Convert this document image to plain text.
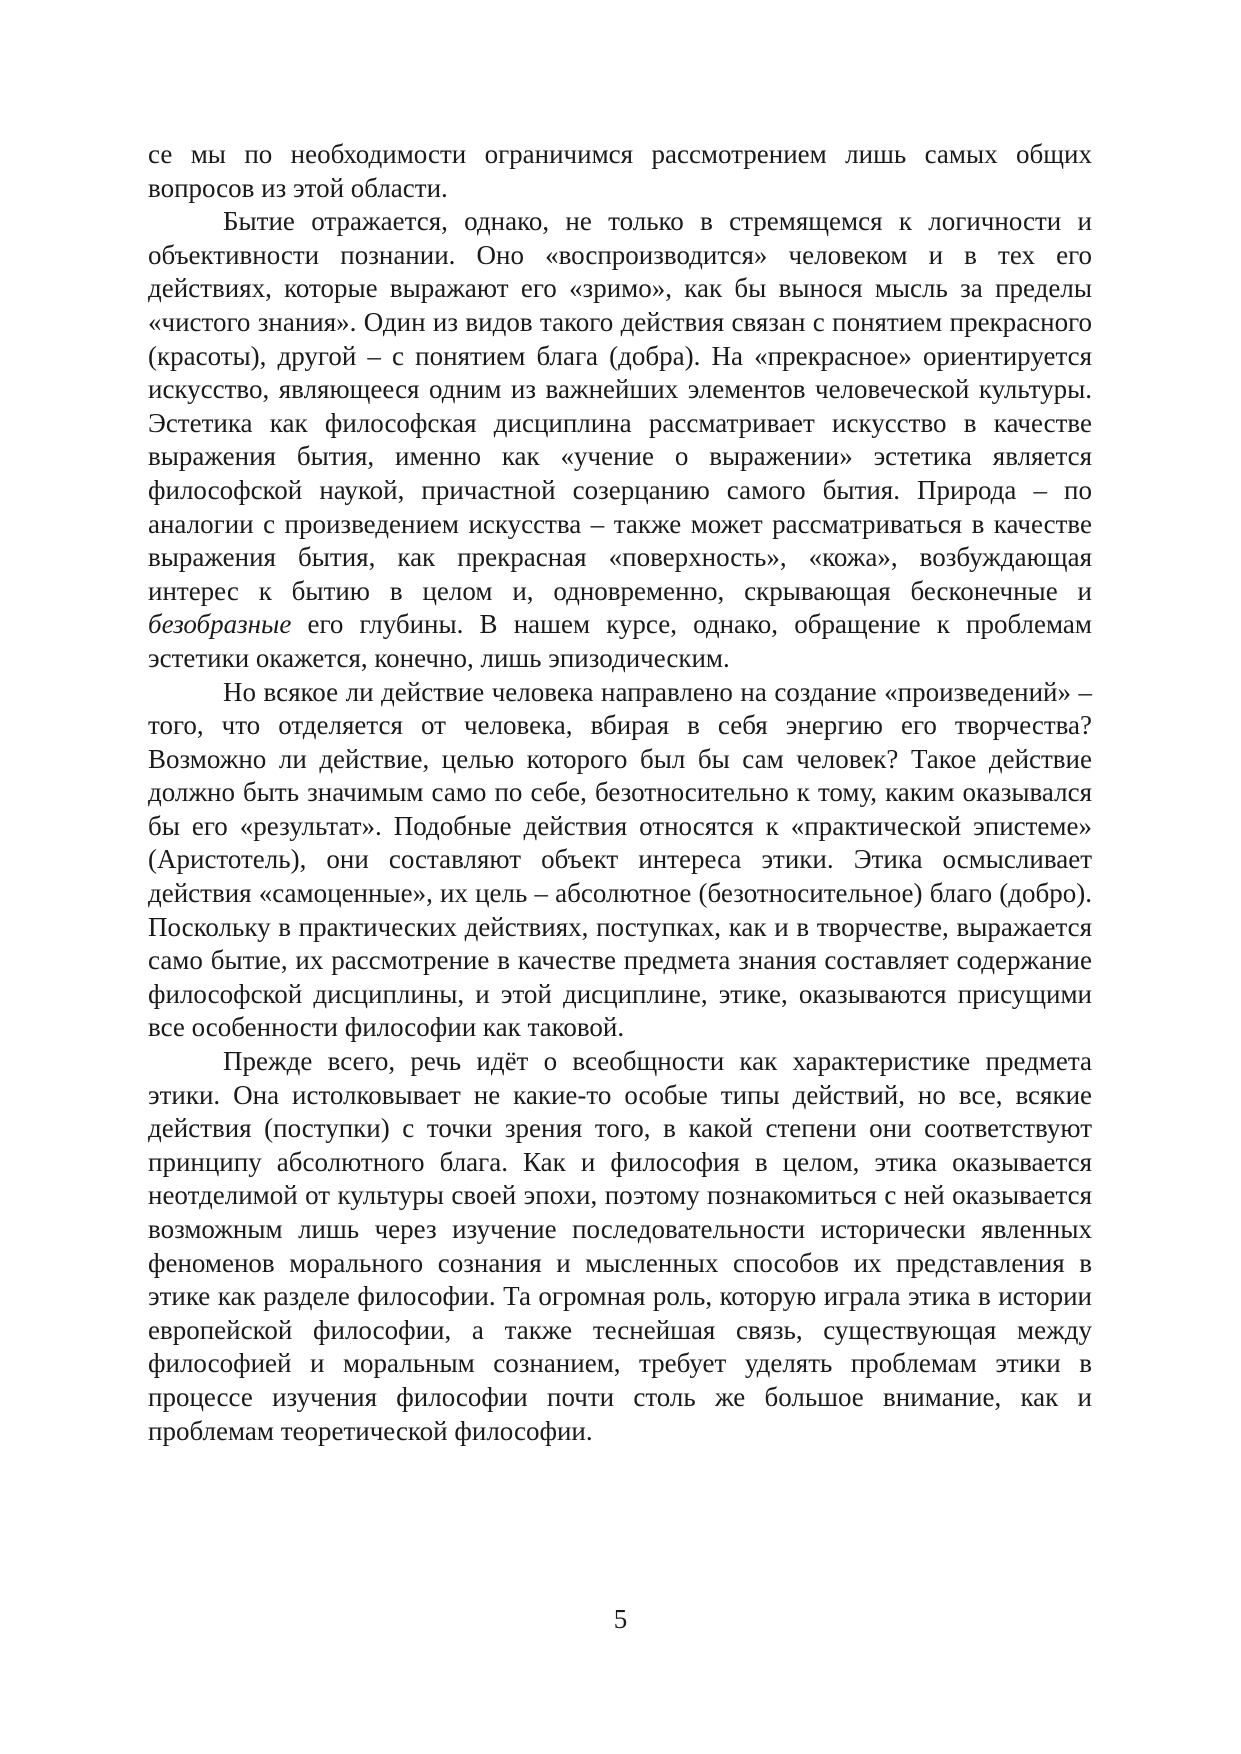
се мы по необходимости ограничимся рассмотрением лишь самых общих вопросов из этой области.

Бытие отражается, однако, не только в стремящемся к логичности и объективности познании. Оно «воспроизводится» человеком и в тех его действиях, которые выражают его «зримо», как бы вынося мысль за пределы «чистого знания». Один из видов такого действия связан с понятием прекрасного (красоты), другой – с понятием блага (добра). На «прекрасное» ориентируется искусство, являющееся одним из важнейших элементов человеческой культуры. Эстетика как философская дисциплина рассматривает искусство в качестве выражения бытия, именно как «учение о выражении» эстетика является философской наукой, причастной созерцанию самого бытия. Природа – по аналогии с произведением искусства – также может рассматриваться в качестве выражения бытия, как прекрасная «поверхность», «кожа», возбуждающая интерес к бытию в целом и, одновременно, скрывающая бесконечные и безобразные его глубины. В нашем курсе, однако, обращение к проблемам эстетики окажется, конечно, лишь эпизодическим.

Но всякое ли действие человека направлено на создание «произведений» – того, что отделяется от человека, вбирая в себя энергию его творчества? Возможно ли действие, целью которого был бы сам человек? Такое действие должно быть значимым само по себе, безотносительно к тому, каким оказывался бы его «результат». Подобные действия относятся к «практической эпистеме» (Аристотель), они составляют объект интереса этики. Этика осмысливает действия «самоценные», их цель – абсолютное (безотносительное) благо (добро). Поскольку в практических действиях, поступках, как и в творчестве, выражается само бытие, их рассмотрение в качестве предмета знания составляет содержание философской дисциплины, и этой дисциплине, этике, оказываются присущими все особенности философии как таковой.

Прежде всего, речь идёт о всеобщности как характеристике предмета этики. Она истолковывает не какие-то особые типы действий, но все, всякие действия (поступки) с точки зрения того, в какой степени они соответствуют принципу абсолютного блага. Как и философия в целом, этика оказывается неотделимой от культуры своей эпохи, поэтому познакомиться с ней оказывается возможным лишь через изучение последовательности исторически явленных феноменов морального сознания и мысленных способов их представления в этике как разделе философии. Та огромная роль, которую играла этика в истории европейской философии, а также теснейшая связь, существующая между философией и моральным сознанием, требует уделять проблемам этики в процессе изучения философии почти столь же большое внимание, как и проблемам теоретической философии.

5
